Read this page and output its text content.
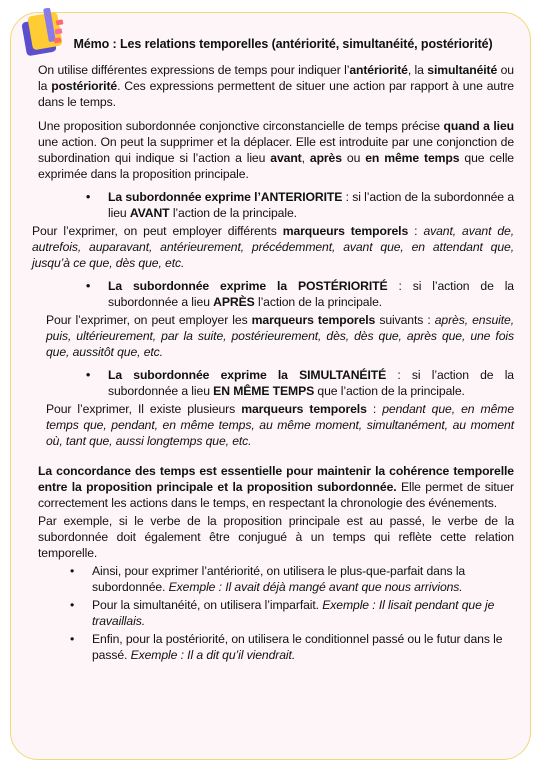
Mémo : Les relations temporelles (antériorité, simultanéité, postériorité)

On utilise différentes expressions de temps pour indiquer l’antériorité, la simultanéité ou la postériorité. Ces expressions permettent de situer une action par rapport à une autre dans le temps.

Une proposition subordonnée conjonctive circonstancielle de temps précise quand a lieu une action. On peut la supprimer et la déplacer. Elle est introduite par une conjonction de subordination qui indique si l’action a lieu avant, après ou en même temps que celle exprimée dans la proposition principale.

•	La subordonnée exprime l’ANTERIORITE : si l’action de la subordonnée a lieu AVANT l’action de la principale.

Pour l’exprimer, on peut employer différents marqueurs temporels : avant, avant de, autrefois, auparavant, antérieurement, précédemment, avant que, en attendant que, jusqu’à ce que, dès que, etc.

•	La subordonnée exprime la POSTÉRIORITÉ : si l’action de la subordonnée a lieu APRÈS l’action de la principale.

Pour l’exprimer, on peut employer les marqueurs temporels suivants : après, ensuite, puis, ultérieurement, par la suite, postérieurement, dès, dès que, après que, une fois que, aussitôt que, etc.

•	La subordonnée exprime la SIMULTANÉITÉ : si l’action de la subordonnée a lieu EN MÊME TEMPS que l’action de la principale.

Pour l’exprimer, Il existe plusieurs marqueurs temporels : pendant que, en même temps que, pendant, en même temps, au même moment, simultanément, au moment où, tant que, aussi longtemps que, etc.

La concordance des temps est essentielle pour maintenir la cohérence temporelle entre la proposition principale et la proposition subordonnée. Elle permet de situer correctement les actions dans le temps, en respectant la chronologie des événements.

Par exemple, si le verbe de la proposition principale est au passé, le verbe de la subordonnée doit également être conjugué à un temps qui reflète cette relation temporelle.

•	Ainsi, pour exprimer l’antériorité, on utilisera le plus-que-parfait dans la subordonnée. Exemple : Il avait déjà mangé avant que nous arrivions.
•	Pour la simultanéité, on utilisera l’imparfait. Exemple : Il lisait pendant que je travaillais.
•	Enfin, pour la postériorité, on utilisera le conditionnel passé ou le futur dans le passé. Exemple : Il a dit qu’il viendrait.
